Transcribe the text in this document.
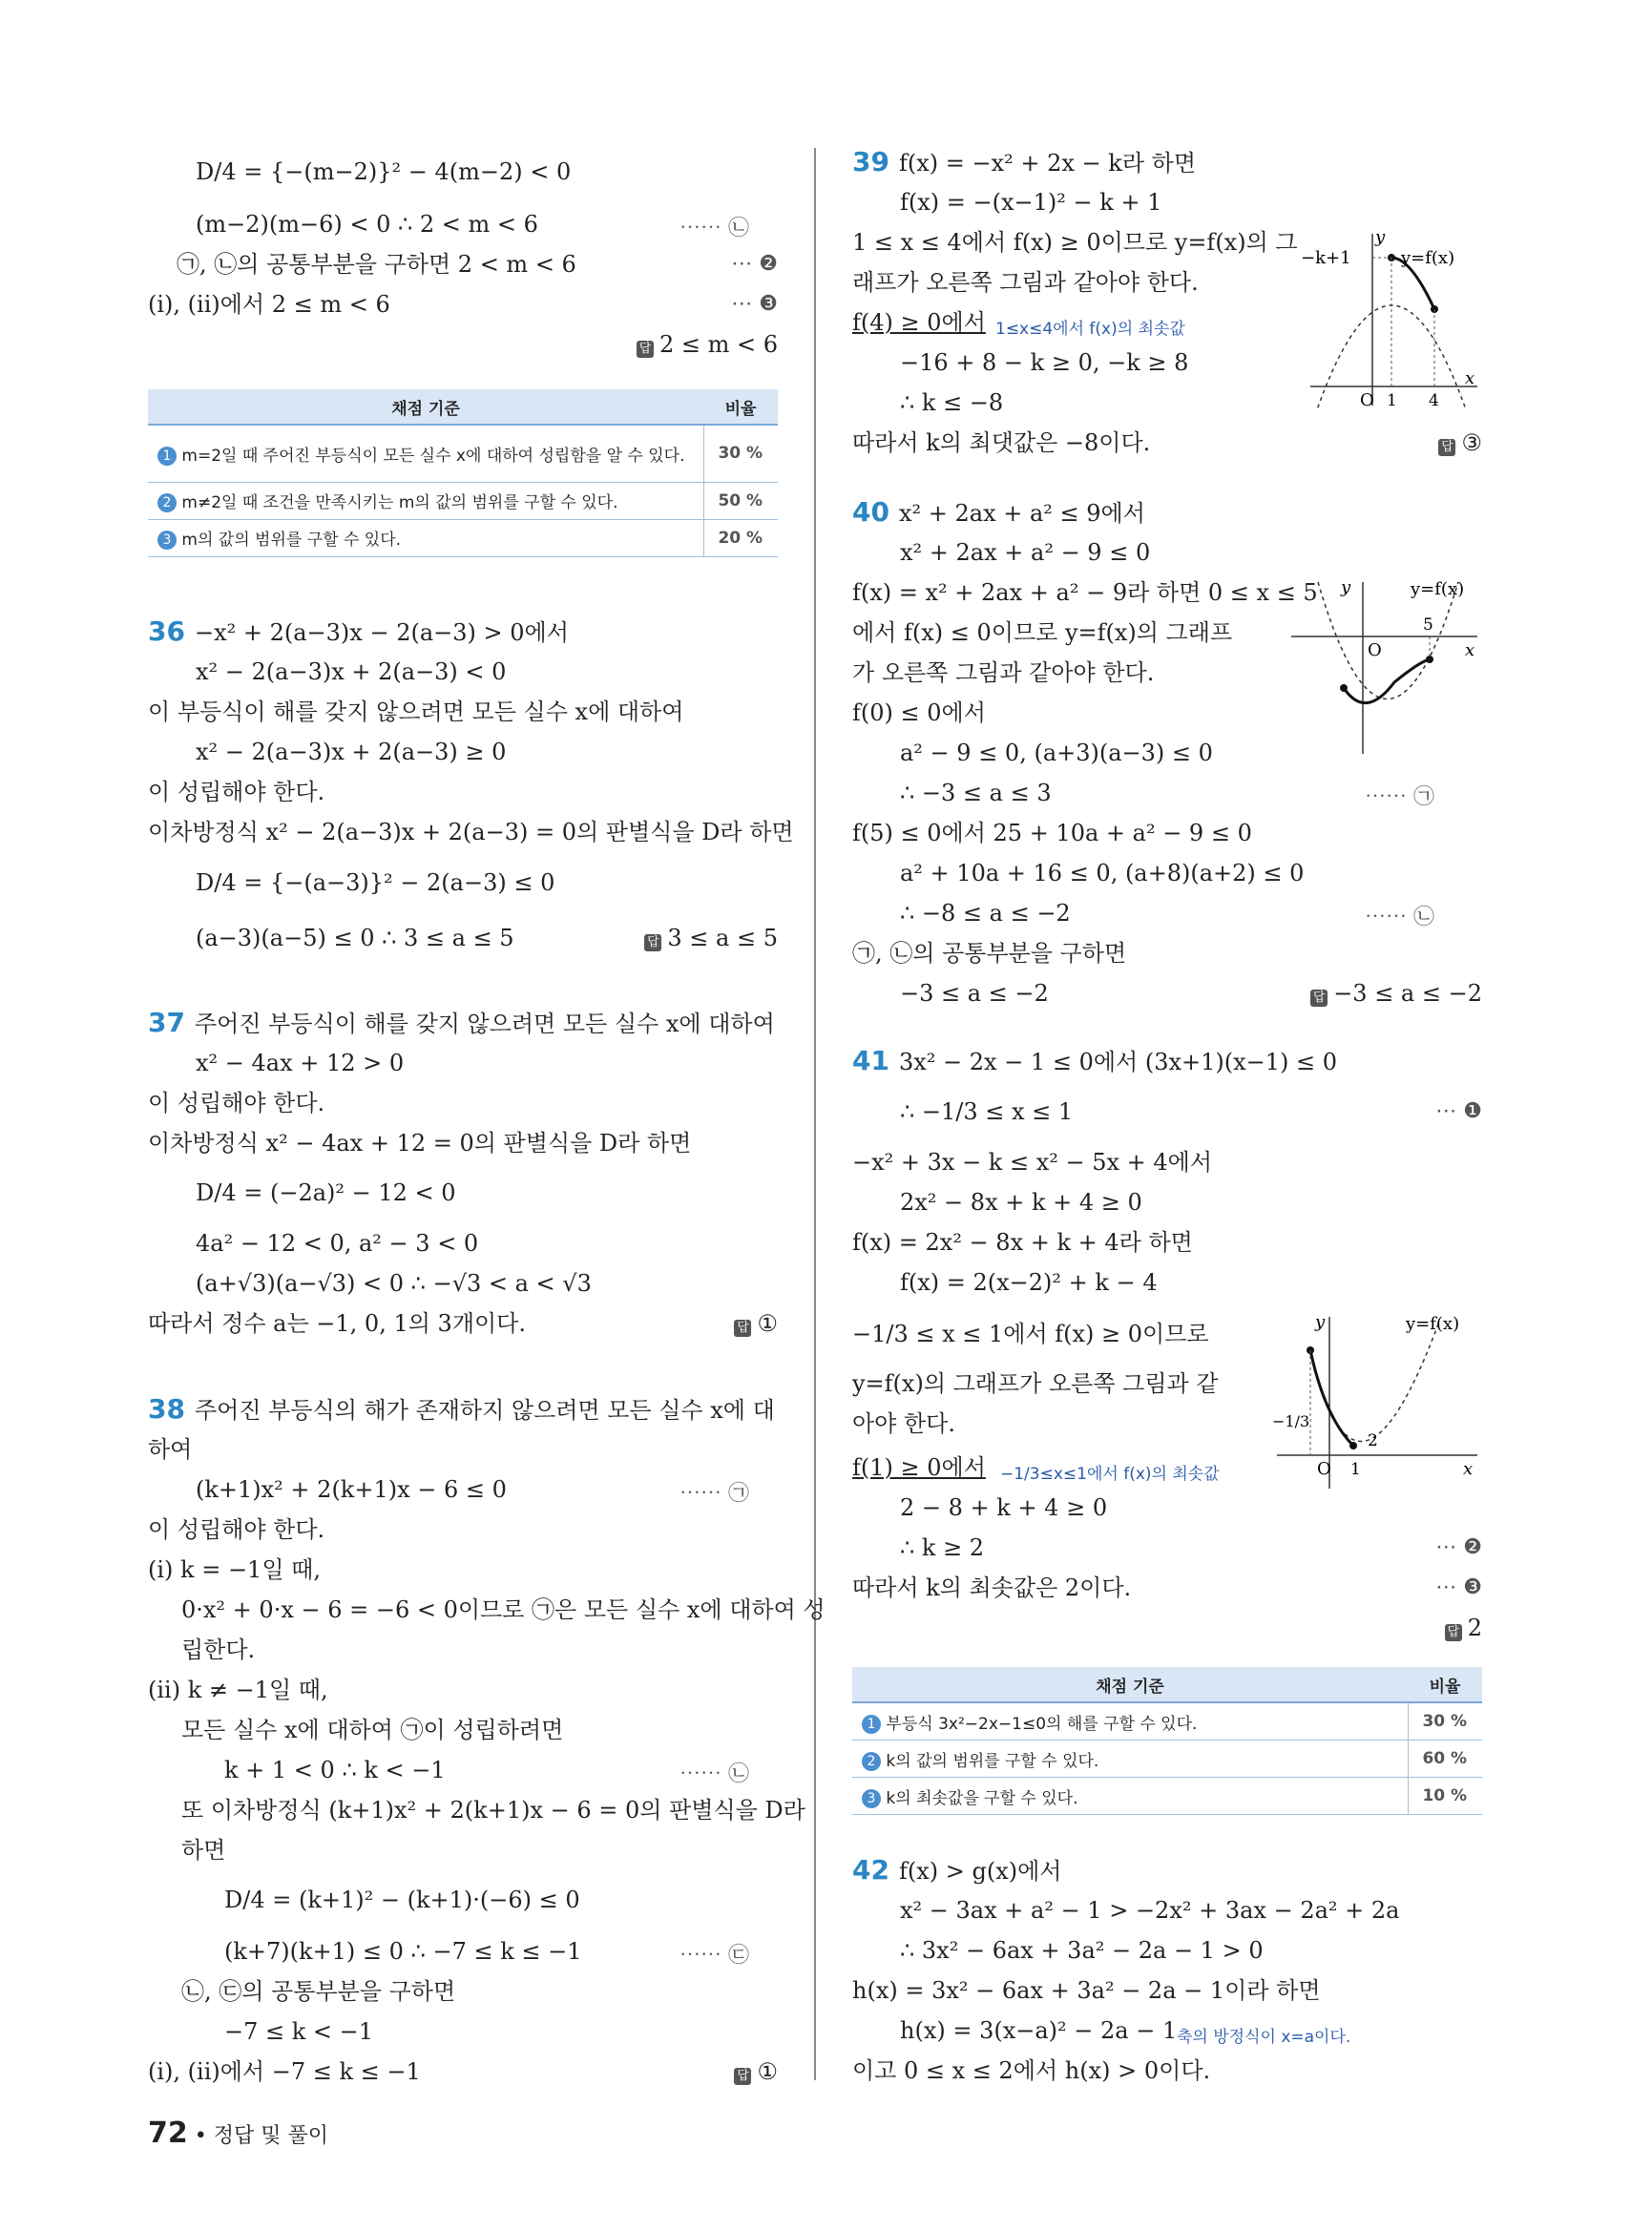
D/4 = {−(m−2)}² − 4(m−2) < 0
(m−2)(m−6) < 0 ∴ 2 < m < 6	⋯⋯ ㉡
㉠, ㉡의 공통부분을 구하면 2 < m < 6	⋯ ❷
(i), (ii)에서 2 ≤ m < 6	⋯ ❸
답 2 ≤ m < 6
채점 기준	비율
1 m=2일 때 주어진 부등식이 모든 실수 x에 대하여 성립함을 알 수 있다.	30 %
2 m≠2일 때 조건을 만족시키는 m의 값의 범위를 구할 수 있다.	50 %
3 m의 값의 범위를 구할 수 있다.	20 %
36 −x² + 2(a−3)x − 2(a−3) > 0에서
x² − 2(a−3)x + 2(a−3) < 0
이 부등식이 해를 갖지 않으려면 모든 실수 x에 대하여
x² − 2(a−3)x + 2(a−3) ≥ 0
이 성립해야 한다.
이차방정식 x² − 2(a−3)x + 2(a−3) = 0의 판별식을 D라 하면
D/4 = {−(a−3)}² − 2(a−3) ≤ 0
(a−3)(a−5) ≤ 0 ∴ 3 ≤ a ≤ 5	답 3 ≤ a ≤ 5
37 주어진 부등식이 해를 갖지 않으려면 모든 실수 x에 대하여
x² − 4ax + 12 > 0
이 성립해야 한다.
이차방정식 x² − 4ax + 12 = 0의 판별식을 D라 하면
D/4 = (−2a)² − 12 < 0
4a² − 12 < 0, a² − 3 < 0
(a+√3)(a−√3) < 0 ∴ −√3 < a < √3
따라서 정수 a는 −1, 0, 1의 3개이다.	답 ①
38 주어진 부등식의 해가 존재하지 않으려면 모든 실수 x에 대
하여
(k+1)x² + 2(k+1)x − 6 ≤ 0	⋯⋯ ㉠
이 성립해야 한다.
(i) k = −1일 때,
0·x² + 0·x − 6 = −6 < 0이므로 ㉠은 모든 실수 x에 대하여 성
립한다.
(ii) k ≠ −1일 때,
모든 실수 x에 대하여 ㉠이 성립하려면
k + 1 < 0 ∴ k < −1	⋯⋯ ㉡
또 이차방정식 (k+1)x² + 2(k+1)x − 6 = 0의 판별식을 D라
하면
D/4 = (k+1)² − (k+1)·(−6) ≤ 0
(k+7)(k+1) ≤ 0 ∴ −7 ≤ k ≤ −1	⋯⋯ ㉢
㉡, ㉢의 공통부분을 구하면
−7 ≤ k < −1
(i), (ii)에서 −7 ≤ k ≤ −1	답 ①
39 f(x) = −x² + 2x − k라 하면
f(x) = −(x−1)² − k + 1
1 ≤ x ≤ 4에서 f(x) ≥ 0이므로 y=f(x)의 그
래프가 오른쪽 그림과 같아야 한다.
f(4) ≥ 0에서 1≤x≤4에서 f(x)의 최솟값
−16 + 8 − k ≥ 0, −k ≥ 8
∴ k ≤ −8
따라서 k의 최댓값은 −8이다.	답 ③
y
x
y=f(x)
−k+1
O 1 4
40 x² + 2ax + a² ≤ 9에서
x² + 2ax + a² − 9 ≤ 0
f(x) = x² + 2ax + a² − 9라 하면 0 ≤ x ≤ 5
에서 f(x) ≤ 0이므로 y=f(x)의 그래프
가 오른쪽 그림과 같아야 한다.
f(0) ≤ 0에서
a² − 9 ≤ 0, (a+3)(a−3) ≤ 0
∴ −3 ≤ a ≤ 3	⋯⋯ ㉠
f(5) ≤ 0에서 25 + 10a + a² − 9 ≤ 0
a² + 10a + 16 ≤ 0, (a+8)(a+2) ≤ 0
∴ −8 ≤ a ≤ −2	⋯⋯ ㉡
㉠, ㉡의 공통부분을 구하면
−3 ≤ a ≤ −2	답 −3 ≤ a ≤ −2
y
x
y=f(x)
O
5
41 3x² − 2x − 1 ≤ 0에서 (3x+1)(x−1) ≤ 0
∴ −1/3 ≤ x ≤ 1	⋯ ❶
−x² + 3x − k ≤ x² − 5x + 4에서
2x² − 8x + k + 4 ≥ 0
f(x) = 2x² − 8x + k + 4라 하면
f(x) = 2(x−2)² + k − 4
−1/3 ≤ x ≤ 1에서 f(x) ≥ 0이므로
y=f(x)의 그래프가 오른쪽 그림과 같
아야 한다.
f(1) ≥ 0에서 −1/3≤x≤1에서 f(x)의 최솟값
2 − 8 + k + 4 ≥ 0
∴ k ≥ 2	⋯ ❷
따라서 k의 최솟값은 2이다.	⋯ ❸
답 2
y
x
y=f(x)
O
−1/3
1
2
채점 기준	비율
1 부등식 3x²−2x−1≤0의 해를 구할 수 있다.	30 %
2 k의 값의 범위를 구할 수 있다.	60 %
3 k의 최솟값을 구할 수 있다.	10 %
42 f(x) > g(x)에서
x² − 3ax + a² − 1 > −2x² + 3ax − 2a² + 2a
∴ 3x² − 6ax + 3a² − 2a − 1 > 0
h(x) = 3x² − 6ax + 3a² − 2a − 1이라 하면
h(x) = 3(x−a)² − 2a − 1 축의 방정식이 x=a이다.
이고 0 ≤ x ≤ 2에서 h(x) > 0이다.
72 • 정답 및 풀이
